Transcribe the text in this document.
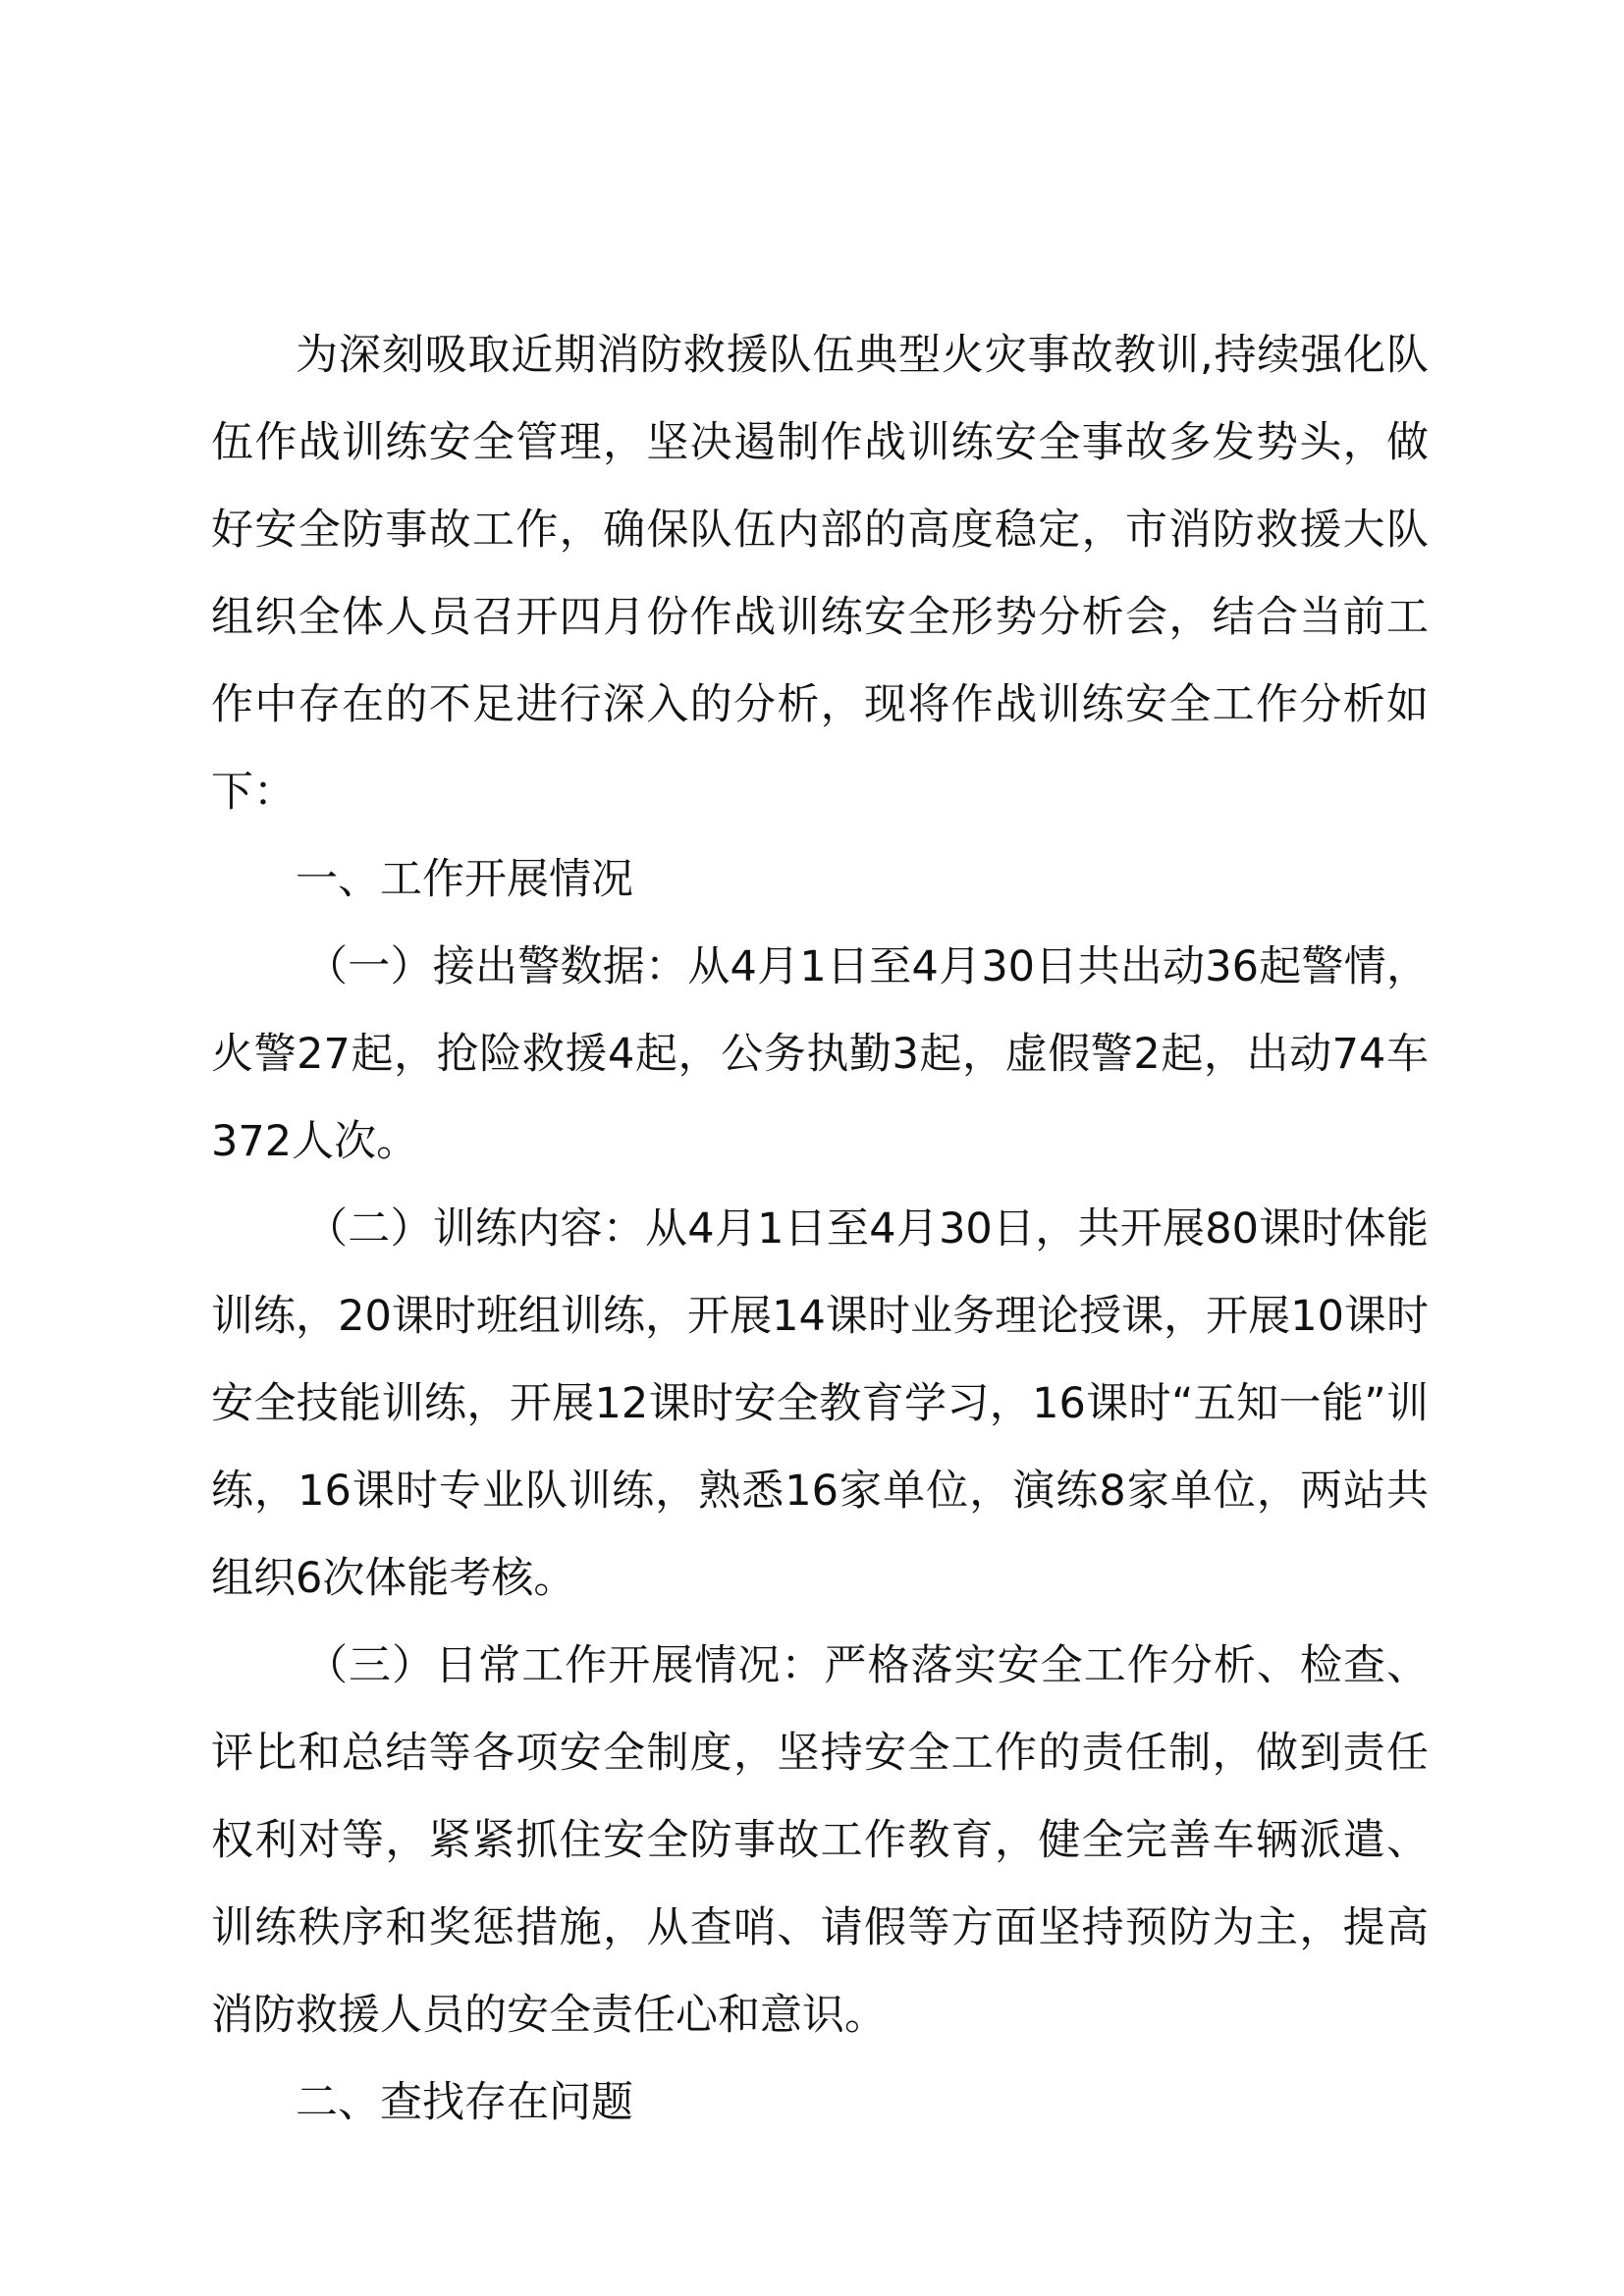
为深刻吸取近期消防救援队伍典型火灾事故教训,持续强化队伍作战训练安全管理，坚决遏制作战训练安全事故多发势头，做好安全防事故工作，确保队伍内部的高度稳定，市消防救援大队组织全体人员召开四月份作战训练安全形势分析会，结合当前工作中存在的不足进行深入的分析，现将作战训练安全工作分析如下：

一、工作开展情况

（一）接出警数据：从4月1日至4月30日共出动36起警情，火警27起，抢险救援4起，公务执勤3起，虚假警2起，出动74车372人次。

（二）训练内容：从4月1日至4月30日，共开展80课时体能训练，20课时班组训练，开展14课时业务理论授课，开展10课时安全技能训练，开展12课时安全教育学习，16课时“五知一能”训练，16课时专业队训练，熟悉16家单位，演练8家单位，两站共组织6次体能考核。

（三）日常工作开展情况：严格落实安全工作分析、检查、评比和总结等各项安全制度，坚持安全工作的责任制，做到责任权利对等，紧紧抓住安全防事故工作教育，健全完善车辆派遣、训练秩序和奖惩措施，从查哨、请假等方面坚持预防为主，提高消防救援人员的安全责任心和意识。

二、查找存在问题
